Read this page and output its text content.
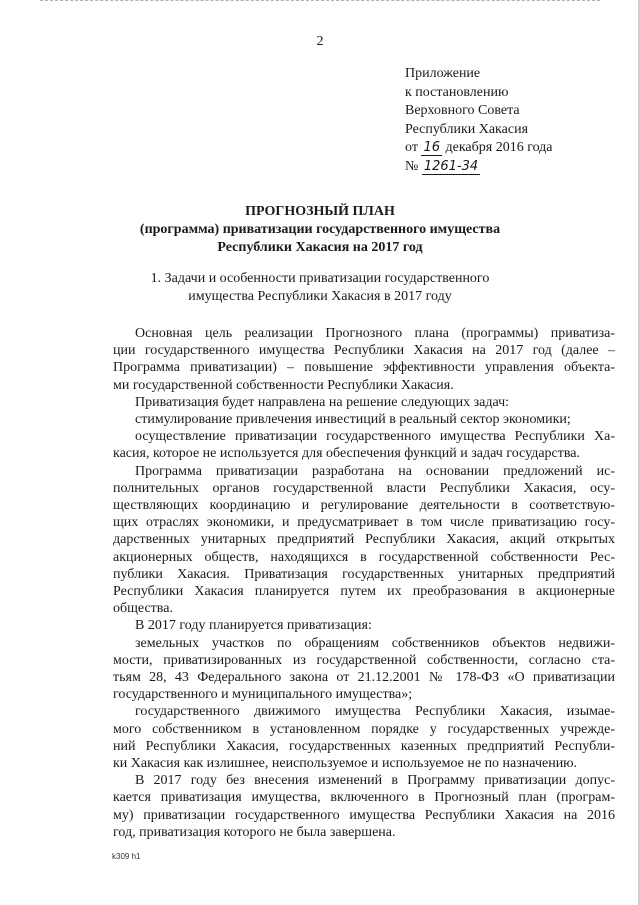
2
Приложение
к постановлению
Верховного Совета
Республики Хакасия
от 16 декабря 2016 года
№ 1261-34
ПРОГНОЗНЫЙ ПЛАН
(программа) приватизации государственного имущества
Республики Хакасия на 2017 год
1. Задачи и особенности приватизации государственного
имущества Республики Хакасия в 2017 году
Основная цель реализации Прогнозного плана (программы) приватиза-
ции государственного имущества Республики Хакасия на 2017 год (далее –
Программа приватизации) – повышение эффективности управления объекта-
ми государственной собственности Республики Хакасия.
Приватизация будет направлена на решение следующих задач:
стимулирование привлечения инвестиций в реальный сектор экономики;
осуществление приватизации государственного имущества Республики Ха-
касия, которое не используется для обеспечения функций и задач государства.
Программа приватизации разработана на основании предложений ис-
полнительных органов государственной власти Республики Хакасия, осу-
ществляющих координацию и регулирование деятельности в соответствую-
щих отраслях экономики, и предусматривает в том числе приватизацию госу-
дарственных унитарных предприятий Республики Хакасия, акций открытых
акционерных обществ, находящихся в государственной собственности Рес-
публики Хакасия. Приватизация государственных унитарных предприятий
Республики Хакасия планируется путем их преобразования в акционерные
общества.
В 2017 году планируется приватизация:
земельных участков по обращениям собственников объектов недвижи-
мости, приватизированных из государственной собственности, согласно ста-
тьям 28, 43 Федерального закона от 21.12.2001 № 178-ФЗ «О приватизации
государственного и муниципального имущества»;
государственного движимого имущества Республики Хакасия, изымае-
мого собственником в установленном порядке у государственных учрежде-
ний Республики Хакасия, государственных казенных предприятий Республи-
ки Хакасия как излишнее, неиспользуемое и используемое не по назначению.
В 2017 году без внесения изменений в Программу приватизации допус-
кается приватизация имущества, включенного в Прогнозный план (програм-
му) приватизации государственного имущества Республики Хакасия на 2016
год, приватизация которого не была завершена.
k309 h1
